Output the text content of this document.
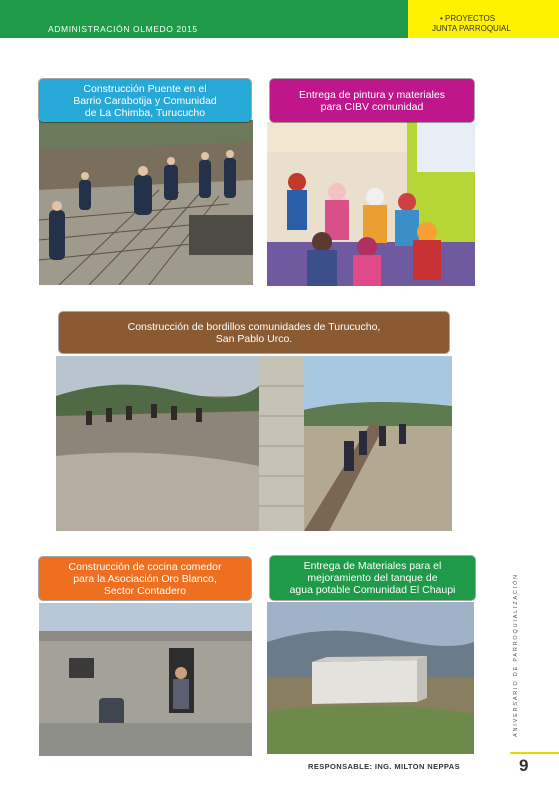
ADMINISTRACIÓN OLMEDO 2015
• PROYECTOS
JUNTA PARROQUIAL
Construcción Puente en el
Barrio Carabotija y Comunidad
de La Chimba, Turucucho
Entrega de pintura y materiales
para CIBV comunidad
Construcción de bordillos comunidades de Turucucho,
San Pablo Urco.
Construcción de cocina comedor
para la Asociación Oro Blanco,
Sector Contadero
Entrega de Materiales para el
mejoramiento del tanque de
agua potable Comunidad El Chaupi	ANIVERSARIO DE PARROQUIALIZACIÓN
RESPONSABLE: ING. MILTON NEPPAS	9
